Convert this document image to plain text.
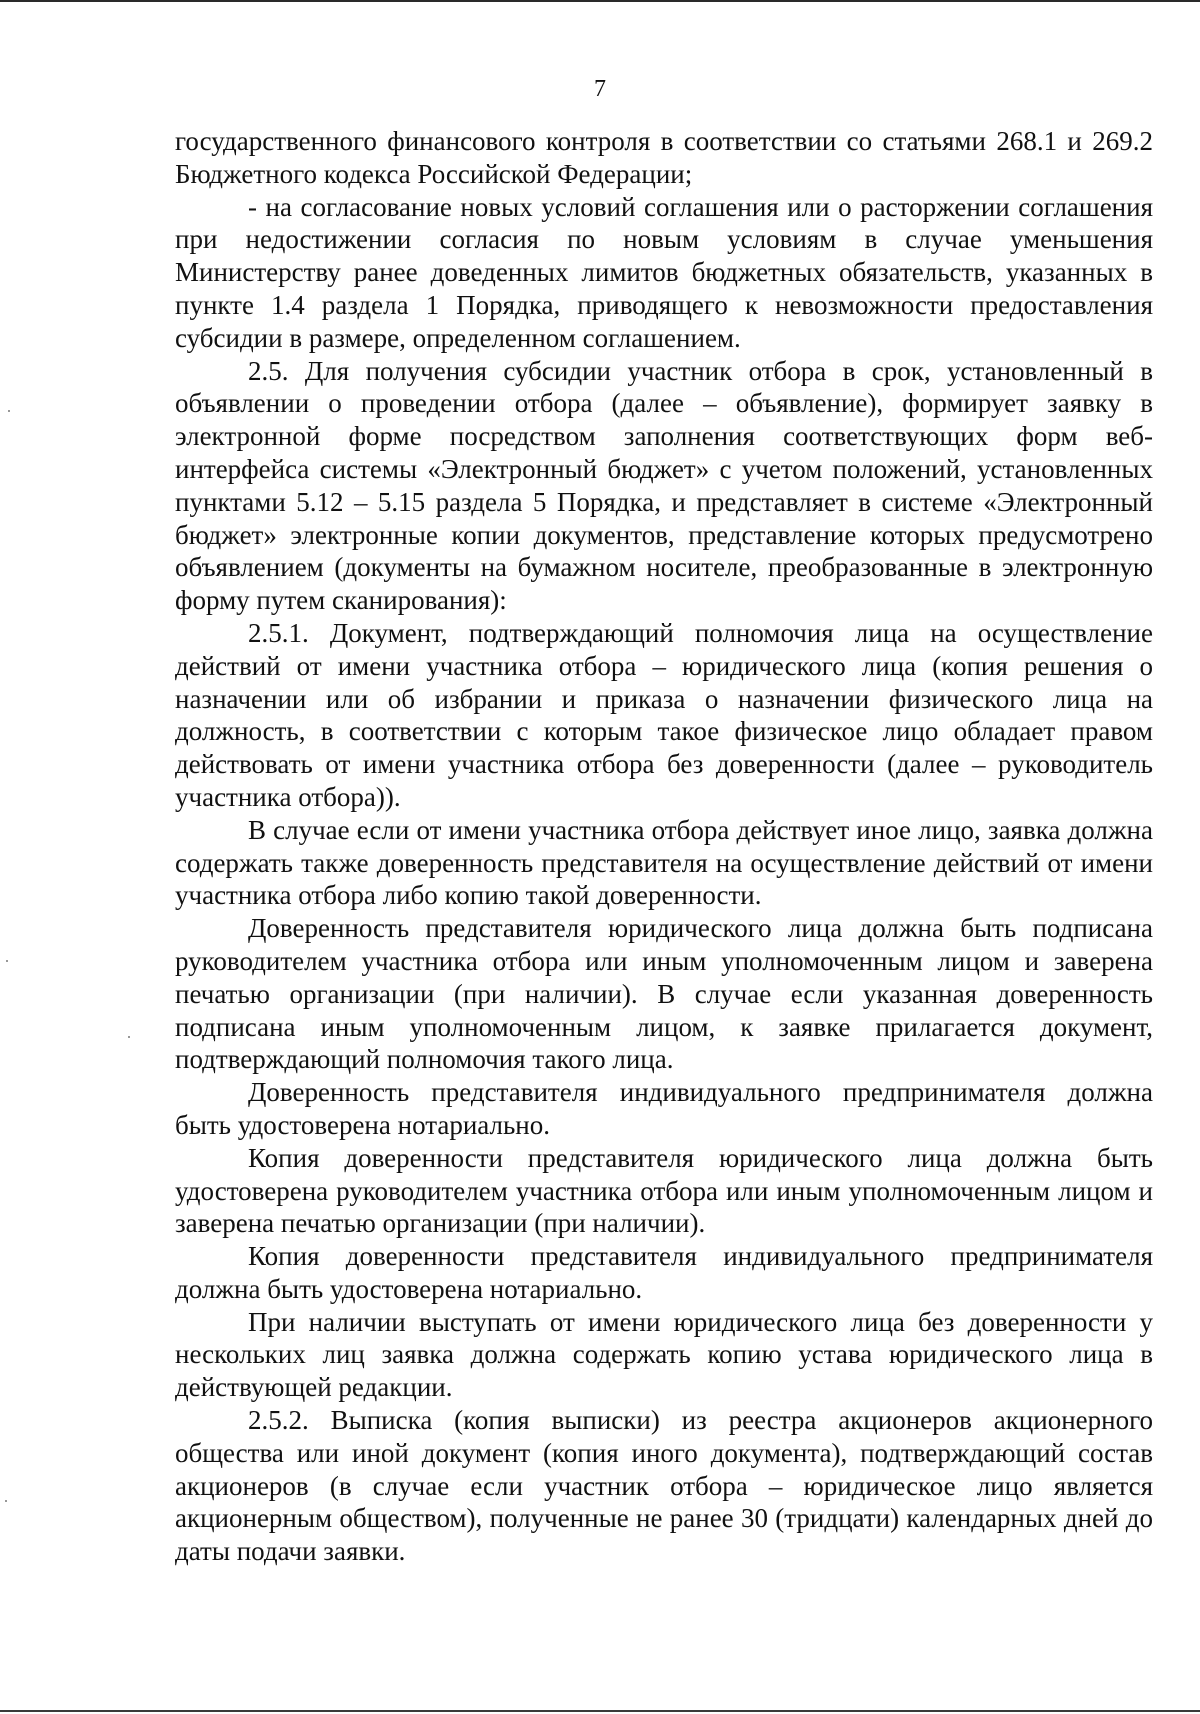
7

государственного финансового контроля в соответствии со статьями 268.1 и 269.2 Бюджетного кодекса Российской Федерации;

- на согласование новых условий соглашения или о расторжении соглашения при недостижении согласия по новым условиям в случае уменьшения Министерству ранее доведенных лимитов бюджетных обязательств, указанных в пункте 1.4 раздела 1 Порядка, приводящего к невозможности предоставления субсидии в размере, определенном соглашением.

2.5. Для получения субсидии участник отбора в срок, установленный в объявлении о проведении отбора (далее – объявление), формирует заявку в электронной форме посредством заполнения соответствующих форм веб-интерфейса системы «Электронный бюджет» с учетом положений, установленных пунктами 5.12 – 5.15 раздела 5 Порядка, и представляет в системе «Электронный бюджет» электронные копии документов, представление которых предусмотрено объявлением (документы на бумажном носителе, преобразованные в электронную форму путем сканирования):

2.5.1. Документ, подтверждающий полномочия лица на осуществление действий от имени участника отбора – юридического лица (копия решения о назначении или об избрании и приказа о назначении физического лица на должность, в соответствии с которым такое физическое лицо обладает правом действовать от имени участника отбора без доверенности (далее – руководитель участника отбора)).

В случае если от имени участника отбора действует иное лицо, заявка должна содержать также доверенность представителя на осуществление действий от имени участника отбора либо копию такой доверенности.

Доверенность представителя юридического лица должна быть подписана руководителем участника отбора или иным уполномоченным лицом и заверена печатью организации (при наличии). В случае если указанная доверенность подписана иным уполномоченным лицом, к заявке прилагается документ, подтверждающий полномочия такого лица.

Доверенность представителя индивидуального предпринимателя должна быть удостоверена нотариально.

Копия доверенности представителя юридического лица должна быть удостоверена руководителем участника отбора или иным уполномоченным лицом и заверена печатью организации (при наличии).

Копия доверенности представителя индивидуального предпринимателя должна быть удостоверена нотариально.

При наличии выступать от имени юридического лица без доверенности у нескольких лиц заявка должна содержать копию устава юридического лица в действующей редакции.

2.5.2. Выписка (копия выписки) из реестра акционеров акционерного общества или иной документ (копия иного документа), подтверждающий состав акционеров (в случае если участник отбора – юридическое лицо является акционерным обществом), полученные не ранее 30 (тридцати) календарных дней до даты подачи заявки.
